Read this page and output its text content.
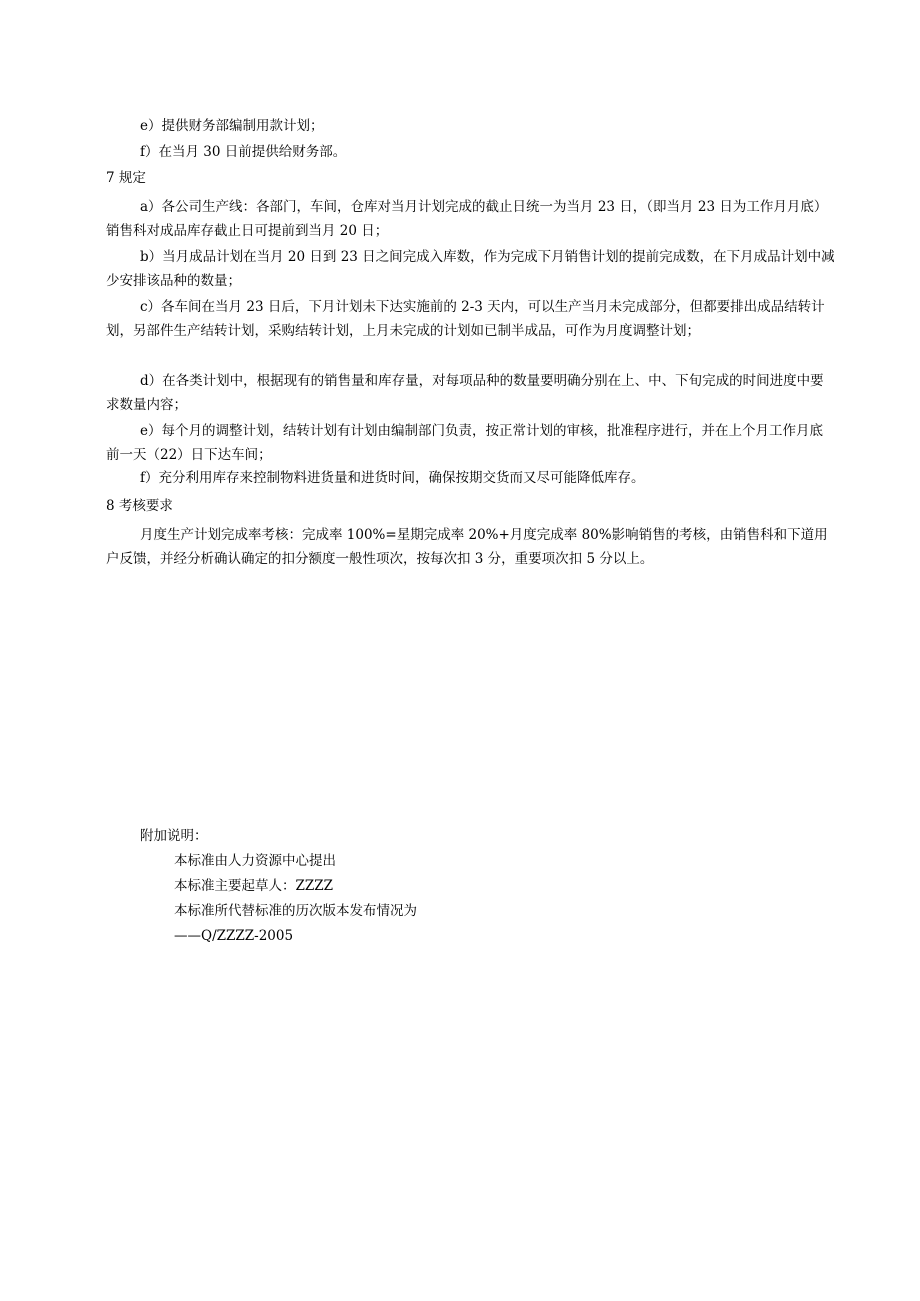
e）提供财务部编制用款计划；
f）在当月 30 日前提供给财务部。
7 规定
a）各公司生产线：各部门，车间，仓库对当月计划完成的截止日统一为当月 23 日，（即当月 23 日为工作月月底）销售科对成品库存截止日可提前到当月 20 日；
b）当月成品计划在当月 20 日到 23 日之间完成入库数，作为完成下月销售计划的提前完成数，在下月成品计划中减少安排该品种的数量；
c）各车间在当月 23 日后，下月计划未下达实施前的 2-3 天内，可以生产当月未完成部分，但都要排出成品结转计划，另部件生产结转计划，采购结转计划，上月未完成的计划如已制半成品，可作为月度调整计划；
d）在各类计划中，根据现有的销售量和库存量，对每项品种的数量要明确分别在上、中、下旬完成的时间进度中要求数量内容；
e）每个月的调整计划，结转计划有计划由编制部门负责，按正常计划的审核，批准程序进行，并在上个月工作月底前一天（22）日下达车间；
f）充分利用库存来控制物料进货量和进货时间，确保按期交货而又尽可能降低库存。
8 考核要求
月度生产计划完成率考核：完成率 100%=星期完成率 20%+月度完成率 80%影响销售的考核，由销售科和下道用户反馈，并经分析确认确定的扣分额度一般性项次，按每次扣 3 分，重要项次扣 5 分以上。
附加说明：
本标准由人力资源中心提出
本标准主要起草人：ZZZZ
本标准所代替标准的历次版本发布情况为
——Q/ZZZZ-2005
